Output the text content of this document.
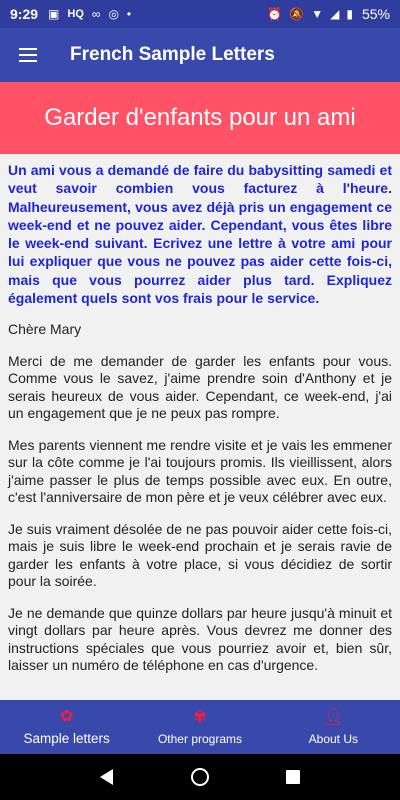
9:29 ▣ HQ ∞ ◎ •	⏰ 🔕 ▼ ◢ ▮ 55%
French Sample Letters
Garder d'enfants pour un ami

Un ami vous a demandé de faire du babysitting samedi et veut savoir combien vous facturez à l'heure. Malheureusement, vous avez déjà pris un engagement ce week-end et ne pouvez aider. Cependant, vous êtes libre le week-end suivant. Ecrivez une lettre à votre ami pour lui expliquer que vous ne pouvez pas aider cette fois-ci, mais que vous pourrez aider plus tard. Expliquez également quels sont vos frais pour le service.

Chère Mary

Merci de me demander de garder les enfants pour vous. Comme vous le savez, j'aime prendre soin d'Anthony et je serais heureux de vous aider. Cependant, ce week-end, j'ai un engagement que je ne peux pas rompre.

Mes parents viennent me rendre visite et je vais les emmener sur la côte comme je l'ai toujours promis. Ils vieillissent, alors j'aime passer le plus de temps possible avec eux. En outre, c'est l'anniversaire de mon père et je veux célébrer avec eux.

Je suis vraiment désolée de ne pas pouvoir aider cette fois-ci, mais je suis libre le week-end prochain et je serais ravie de garder les enfants à votre place, si vous décidiez de sortir pour la soirée.

Je ne demande que quinze dollars par heure jusqu'à minuit et vingt dollars par heure après. Vous devrez me donner des instructions spéciales que vous pourriez avoir et, bien sûr, laisser un numéro de téléphone en cas d'urgence.

✿
Sample letters
✾
Other programs
👤︎
About Us
